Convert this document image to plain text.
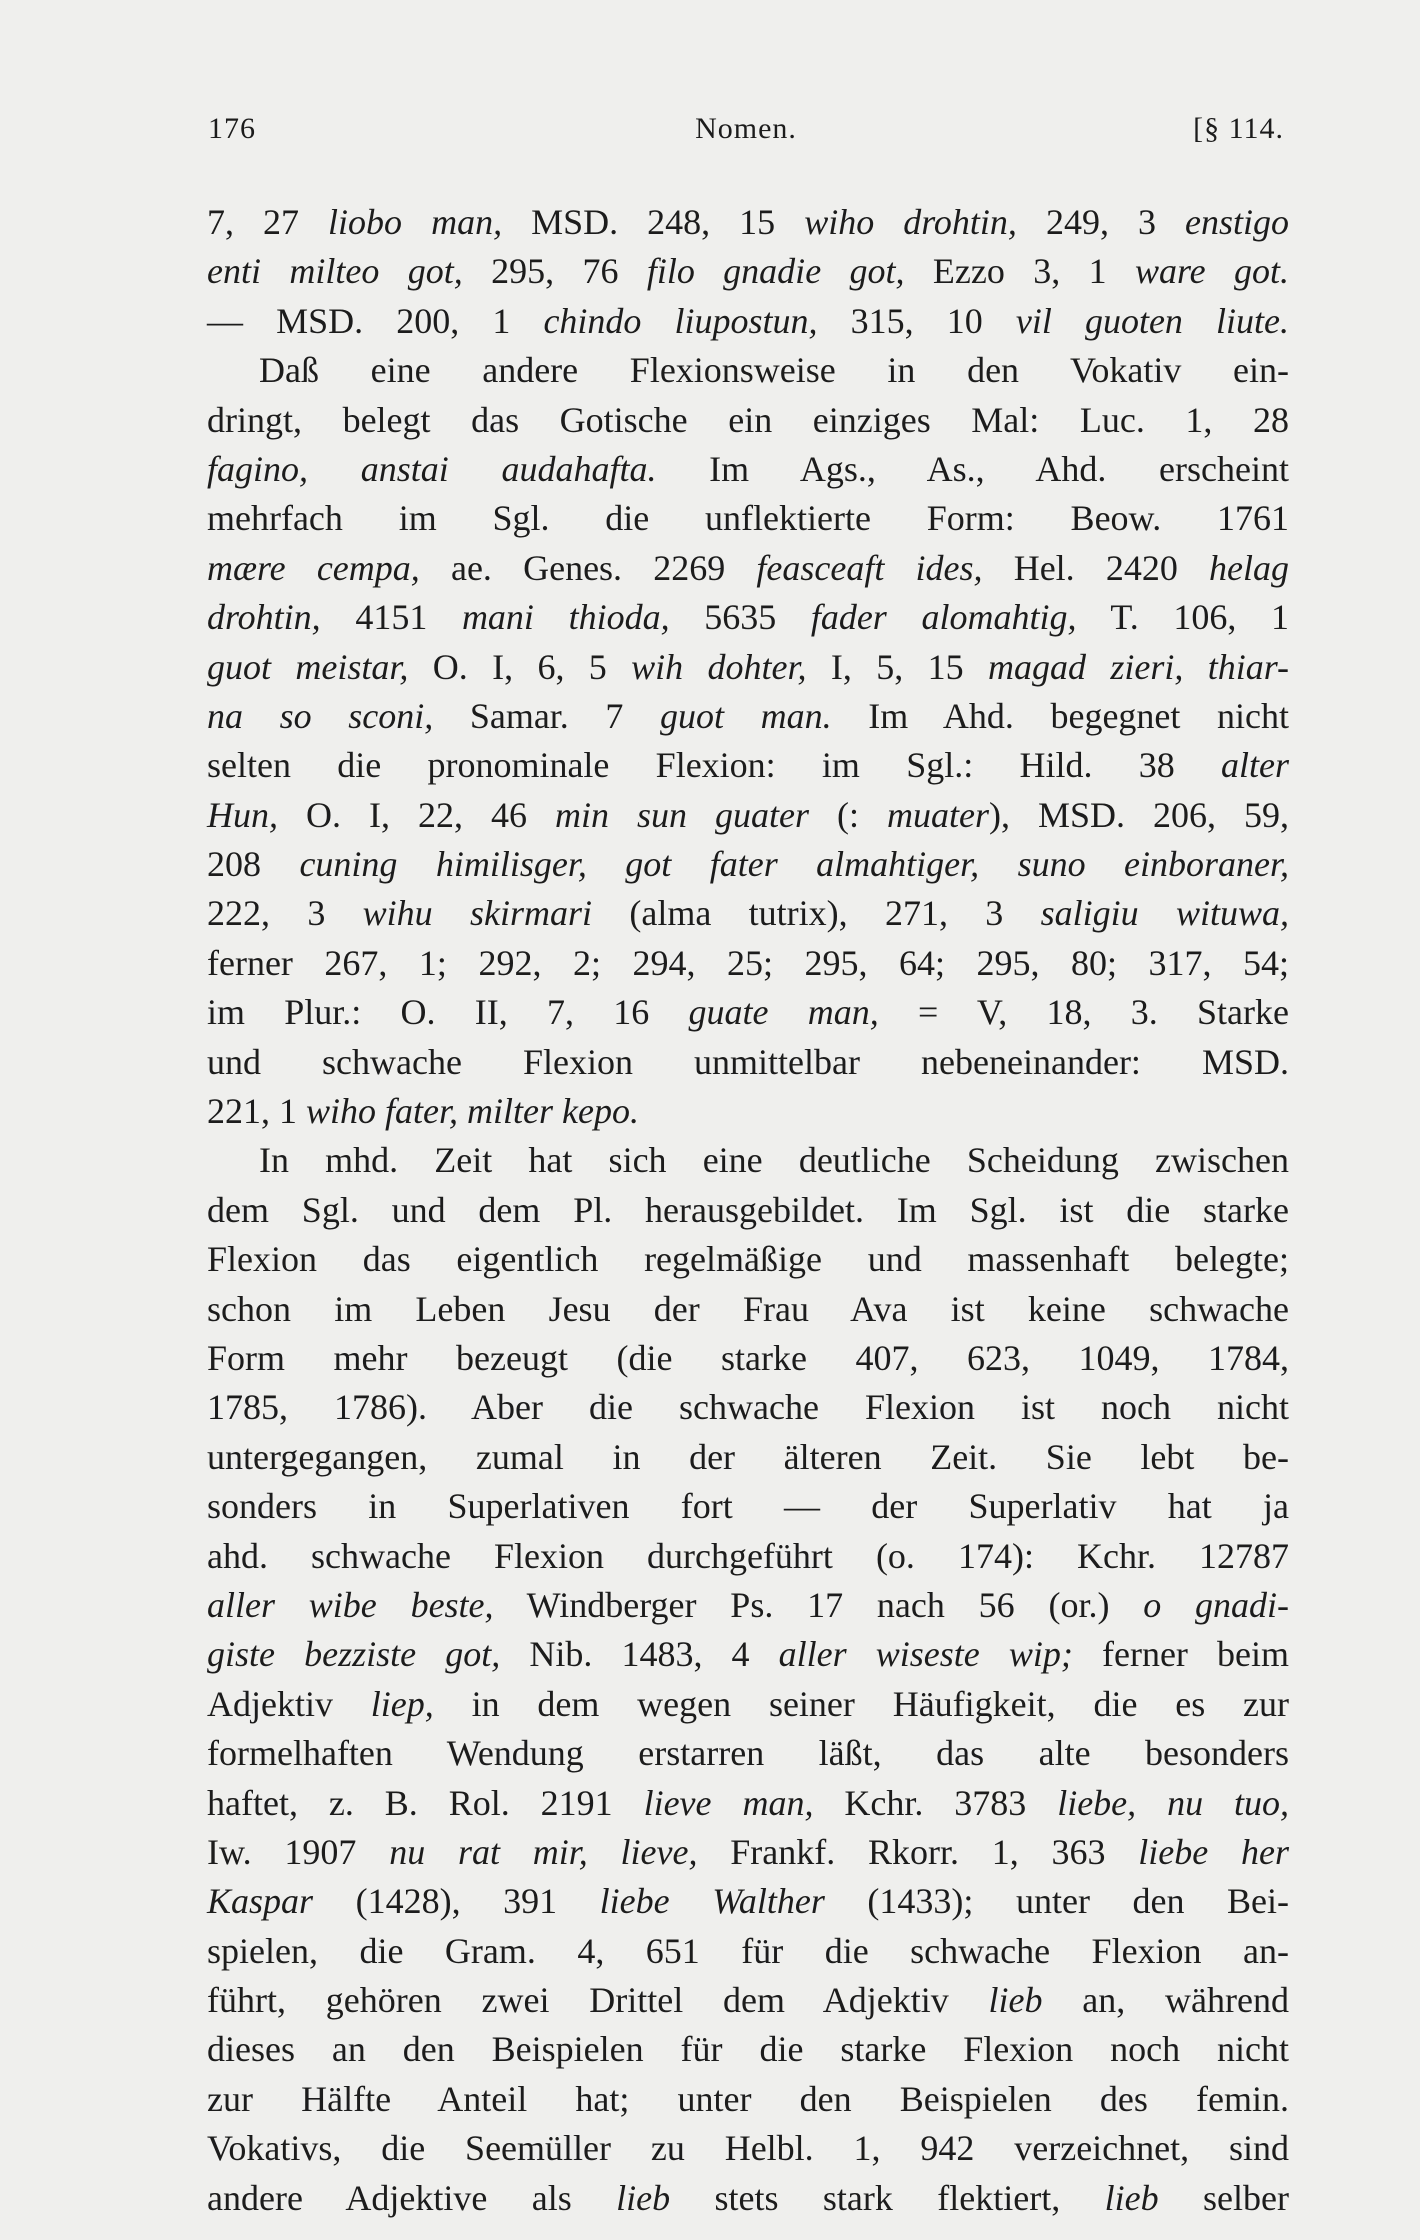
176	Nomen.	[§ 114.
7, 27 liobo man, MSD. 248, 15 wiho drohtin, 249, 3 enstigo
enti milteo got, 295, 76 filo gnadie got, Ezzo 3, 1 ware got.
— MSD. 200, 1 chindo liupostun, 315, 10 vil guoten liute.
Daß eine andere Flexionsweise in den Vokativ ein-
dringt, belegt das Gotische ein einziges Mal: Luc. 1, 28
fagino, anstai audahafta. Im Ags., As., Ahd. erscheint
mehrfach im Sgl. die unflektierte Form: Beow. 1761
mære cempa, ae. Genes. 2269 feasceaft ides, Hel. 2420 helag
drohtin, 4151 mani thioda, 5635 fader alomahtig, T. 106, 1
guot meistar, O. I, 6, 5 wih dohter, I, 5, 15 magad zieri, thiar-
na so sconi, Samar. 7 guot man. Im Ahd. begegnet nicht
selten die pronominale Flexion: im Sgl.: Hild. 38 alter
Hun, O. I, 22, 46 min sun guater (: muater), MSD. 206, 59,
208 cuning himilisger, got fater almahtiger, suno einboraner,
222, 3 wihu skirmari (alma tutrix), 271, 3 saligiu wituwa,
ferner 267, 1; 292, 2; 294, 25; 295, 64; 295, 80; 317, 54;
im Plur.: O. II, 7, 16 guate man, = V, 18, 3. Starke
und schwache Flexion unmittelbar nebeneinander: MSD.
221, 1 wiho fater, milter kepo.
In mhd. Zeit hat sich eine deutliche Scheidung zwischen
dem Sgl. und dem Pl. herausgebildet. Im Sgl. ist die starke
Flexion das eigentlich regelmäßige und massenhaft belegte;
schon im Leben Jesu der Frau Ava ist keine schwache
Form mehr bezeugt (die starke 407, 623, 1049, 1784,
1785, 1786). Aber die schwache Flexion ist noch nicht
untergegangen, zumal in der älteren Zeit. Sie lebt be-
sonders in Superlativen fort — der Superlativ hat ja
ahd. schwache Flexion durchgeführt (o. 174): Kchr. 12787
aller wibe beste, Windberger Ps. 17 nach 56 (or.) o gnadi-
giste bezziste got, Nib. 1483, 4 aller wiseste wip; ferner beim
Adjektiv liep, in dem wegen seiner Häufigkeit, die es zur
formelhaften Wendung erstarren läßt, das alte besonders
haftet, z. B. Rol. 2191 lieve man, Kchr. 3783 liebe, nu tuo,
Iw. 1907 nu rat mir, lieve, Frankf. Rkorr. 1, 363 liebe her
Kaspar (1428), 391 liebe Walther (1433); unter den Bei-
spielen, die Gram. 4, 651 für die schwache Flexion an-
führt, gehören zwei Drittel dem Adjektiv lieb an, während
dieses an den Beispielen für die starke Flexion noch nicht
zur Hälfte Anteil hat; unter den Beispielen des femin.
Vokativs, die Seemüller zu Helbl. 1, 942 verzeichnet, sind
andere Adjektive als lieb stets stark flektiert, lieb selber
